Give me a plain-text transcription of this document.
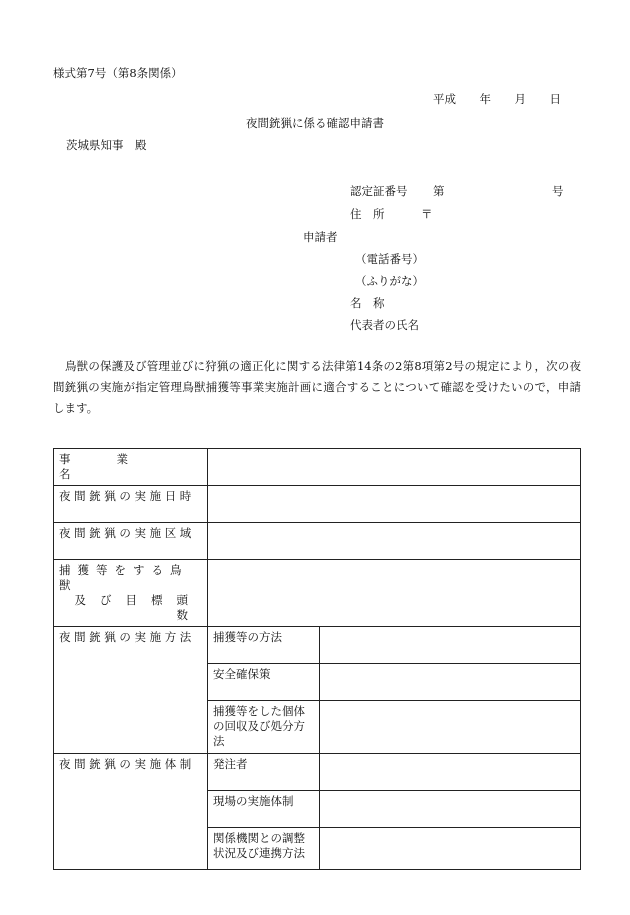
様式第7号（第8条関係）
平成 年 月 日
夜間銃猟に係る確認申請書
茨城県知事　殿
認定証番号 第	号
住　所	〒
申請者
（電話番号）
（ふりがな）
名　称
代表者の氏名
鳥獣の保護及び管理並びに狩猟の適正化に関する法律第14条の2第8項第2号の規定により，次の夜間銃猟の実施が指定管理鳥獣捕獲等事業実施計画に適合することについて確認を受けたいので，申請します。
事業名		

夜間銃猟の実施日時		
夜間銃猟の実施区域		

捕獲等をする鳥獣
及び目標頭数		

夜間銃猟の実施方法	捕獲等の方法	
	安全確保策	
	捕獲等をした個体の回収及び処分方法	
夜間銃猟の実施体制	発注者	
	現場の実施体制	
	関係機関との調整状況及び連携方法	
